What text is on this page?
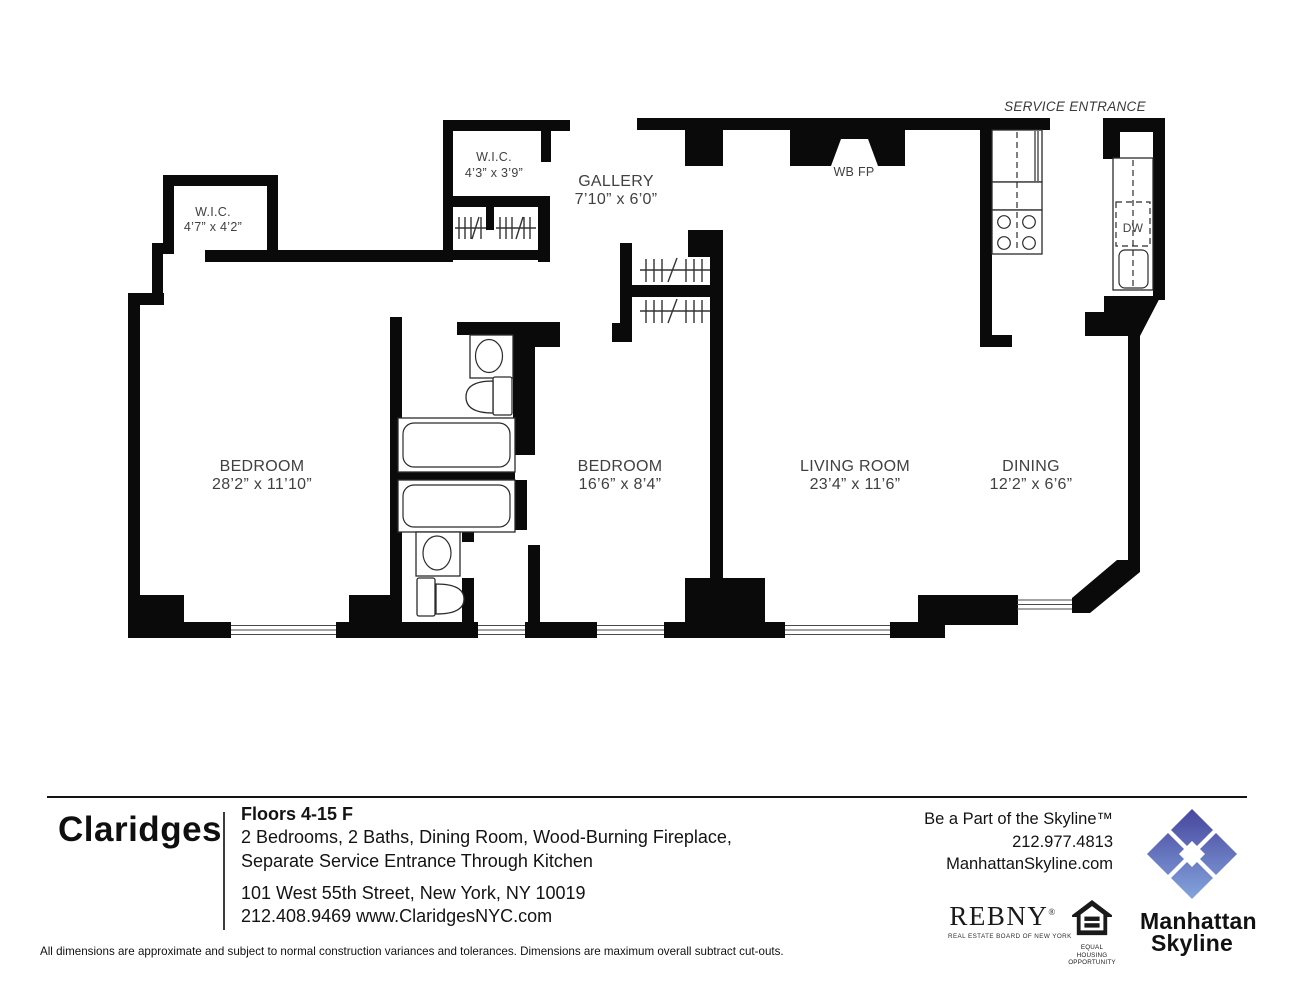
W.I.C.
4’7” x 4’2”
W.I.C.
4’3” x 3’9”	GALLERY
7’10” x 6’0”
BEDROOM
28’2” x 11’10”
BEDROOM
16’6” x 8’4”
LIVING ROOM
23’4” x 11’6”
DINING
12’2” x 6’6”
SERVICE ENTRANCE
WB FP
DW
Claridges Floors 4-15 F
2 Bedrooms, 2 Baths, Dining Room, Wood-Burning Fireplace,
Separate Service Entrance Through Kitchen
101 West 55th Street, New York, NY 10019
212.408.9469 www.ClaridgesNYC.com
Be a Part of the Skyline™
212.977.4813
ManhattanSkyline.com
REBNY®
REAL ESTATE BOARD OF NEW YORK
EQUAL HOUSING
OPPORTUNITY
Manhattan
Skyline
All dimensions are approximate and subject to normal construction variances and tolerances. Dimensions are maximum overall subtract cut-outs.
